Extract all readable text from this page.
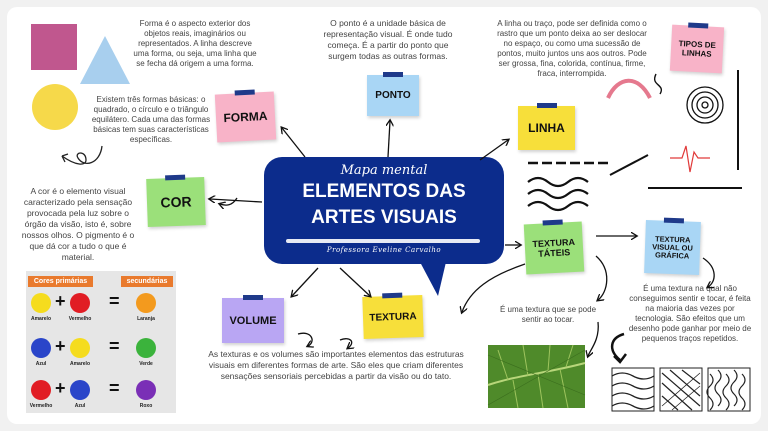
Forma é o aspecto exterior dos objetos reais, imaginários ou representados. A linha descreve uma forma, ou seja, uma linha que se fecha dá origem a uma forma.
Existem três formas básicas: o quadrado, o círculo e o triângulo equilátero. Cada uma das formas básicas tem suas características específicas.
FORMA
PONTO
O ponto é a unidade básica de representação visual. É onde tudo começa. É a partir do ponto que surgem todas as outras formas.
LINHA
A linha ou traço, pode ser definida como o rastro que um ponto deixa ao ser deslocar no espaço, ou como uma sucessão de pontos, muito juntos uns aos outros. Pode ser grossa, fina, colorida, contínua, firme, fraca, interrompida.
TIPOS DE LINHAS
COR
A cor é o elemento visual caracterizado pela sensação provocada pela luz sobre o órgão da visão, isto é, sobre nossos olhos. O pigmento é o que dá cor a tudo o que é material.
Cores primárias	secundárias
+ =
Amarelo	Vermelho	Laranja
+ =
Azul	Amarelo	Verde
+ =
Vermelho	Azul	Roxo
VOLUME	TEXTURA
As texturas e os volumes são importantes elementos das estruturas visuais em diferentes formas de arte. São eles que criam diferentes sensações sensoriais percebidas a partir da visão ou do tato.
TEXTURA TÁTEIS
É uma textura que se pode sentir ao tocar.
TEXTURA VISUAL OU GRÁFICA
É uma textura na qual não conseguimos sentir e tocar, é feita na maioria das vezes por tecnologia. São efeitos que um desenho pode ganhar por meio de pequenos traços repetidos.
Mapa mental
ELEMENTOS DAS
ARTES VISUAIS
Professora Eveline Carvalho
